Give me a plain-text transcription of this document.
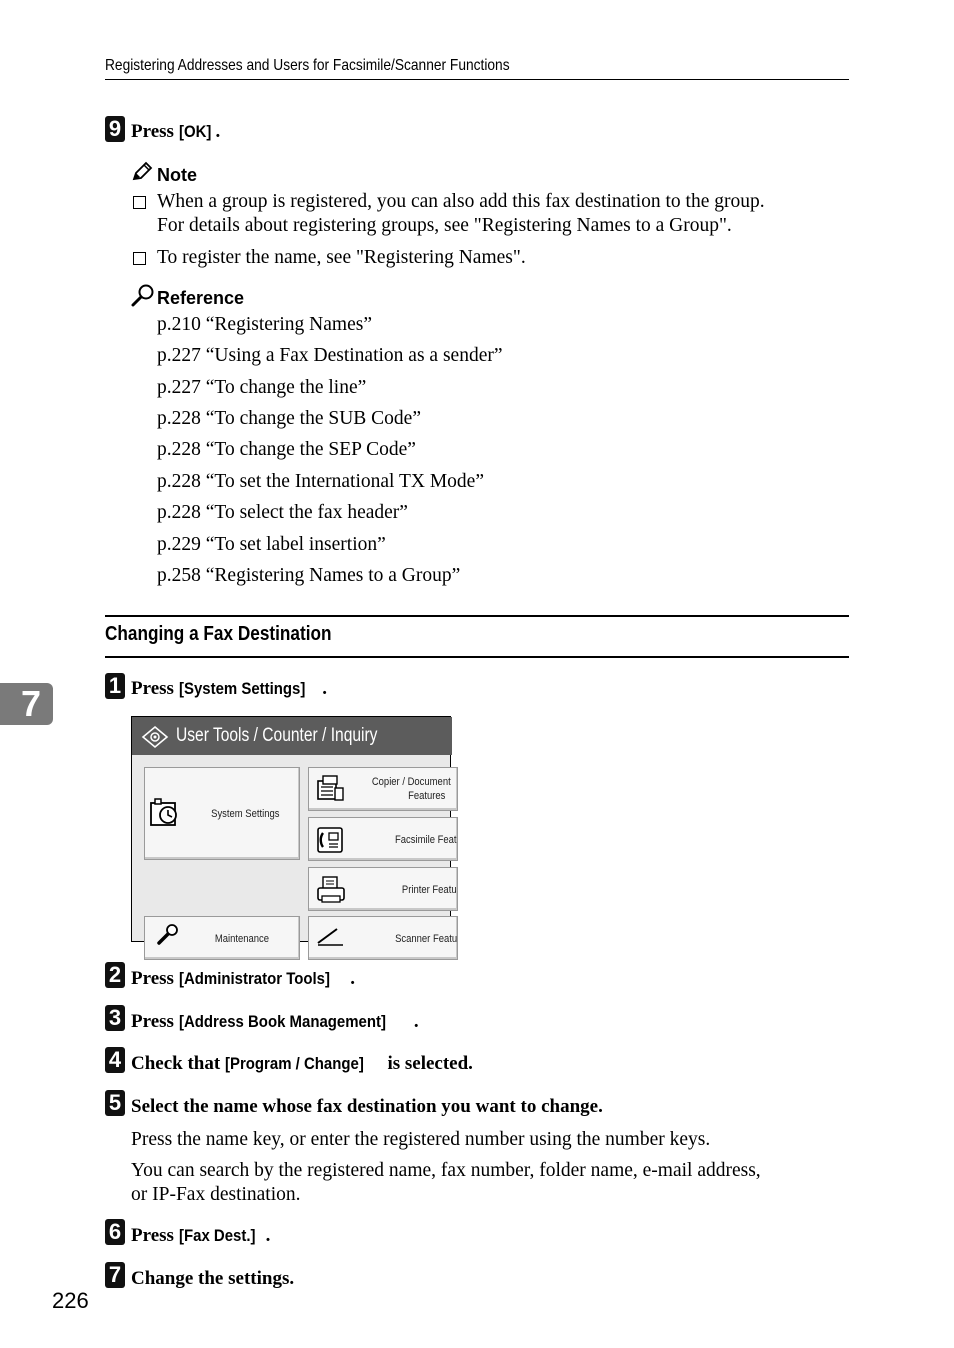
Registering Addresses and Users for Facsimile/Scanner Functions
9 Press [OK] .
Note
When a group is registered, you can also add this fax destination to the group.
For details about registering groups, see "Registering Names to a Group".
To register the name, see "Registering Names".
Reference
p.210 “Registering Names”
p.227 “Using a Fax Destination as a sender”
p.227 “To change the line”
p.228 “To change the SUB Code”
p.228 “To change the SEP Code”
p.228 “To set the International TX Mode”
p.228 “To select the fax header”
p.229 “To set label insertion”
p.258 “Registering Names to a Group”
Changing a Fax Destination
7	1 Press [System Settings] .
User Tools / Counter / Inquiry
System Settings
Copier / Document
Features
Facsimile Feat
Printer Featu
Maintenance	Scanner Featu
2 Press [Administrator Tools] .
3 Press [Address Book Management] .
4 Check that [Program / Change] is selected.
5 Select the name whose fax destination you want to change.
Press the name key, or enter the registered number using the number keys.
You can search by the registered name, fax number, folder name, e-mail address,
or IP-Fax destination.
6 Press [Fax Dest.] .
7 Change the settings.
226
